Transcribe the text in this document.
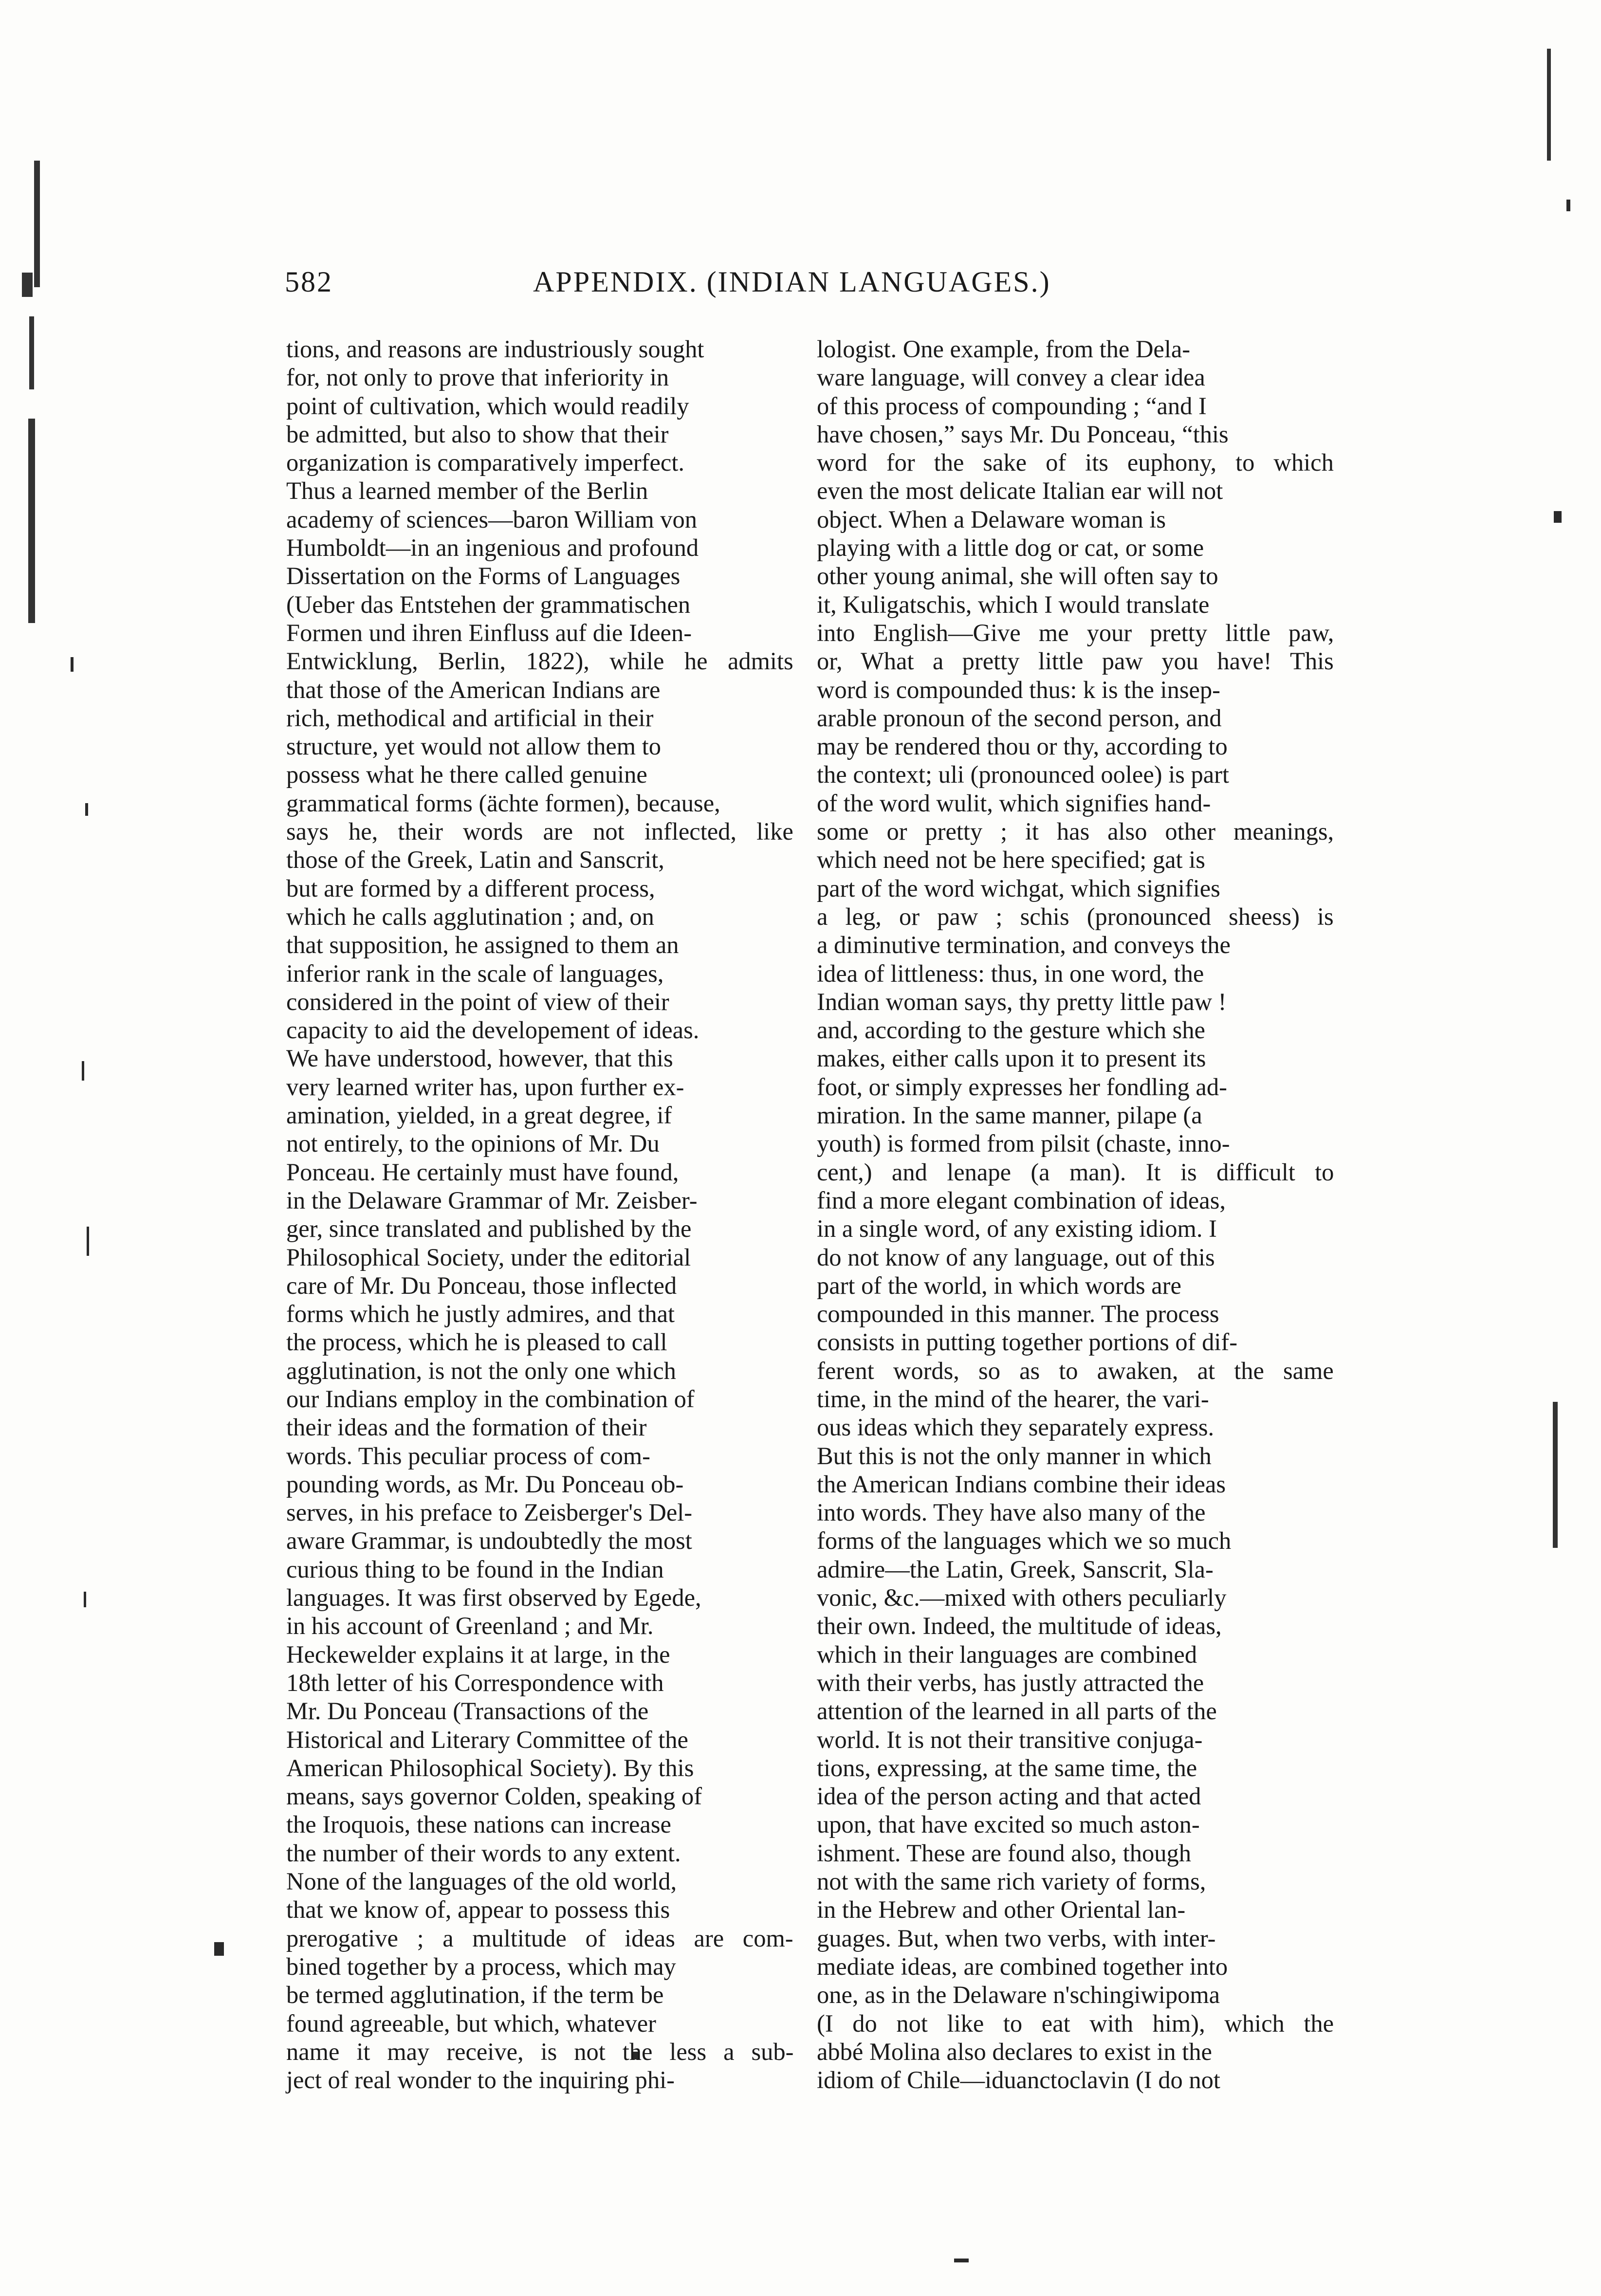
582	APPENDIX. (INDIAN LANGUAGES.)
tions, and reasons are industriously sought
for, not only to prove that inferiority in
point of cultivation, which would readily
be admitted, but also to show that their
organization is comparatively imperfect.
Thus a learned member of the Berlin
academy of sciences—baron William von
Humboldt—in an ingenious and profound
Dissertation on the Forms of Languages
(Ueber das Entstehen der grammatischen
Formen und ihren Einfluss auf die Ideen-
Entwicklung, Berlin, 1822), while he admits
that those of the American Indians are
rich, methodical and artificial in their
structure, yet would not allow them to
possess what he there called genuine
grammatical forms (ächte formen), because,
says he, their words are not inflected, like
those of the Greek, Latin and Sanscrit,
but are formed by a different process,
which he calls agglutination ; and, on
that supposition, he assigned to them an
inferior rank in the scale of languages,
considered in the point of view of their
capacity to aid the developement of ideas.
We have understood, however, that this
very learned writer has, upon further ex-
amination, yielded, in a great degree, if
not entirely, to the opinions of Mr. Du
Ponceau. He certainly must have found,
in the Delaware Grammar of Mr. Zeisber-
ger, since translated and published by the
Philosophical Society, under the editorial
care of Mr. Du Ponceau, those inflected
forms which he justly admires, and that
the process, which he is pleased to call
agglutination, is not the only one which
our Indians employ in the combination of
their ideas and the formation of their
words. This peculiar process of com-
pounding words, as Mr. Du Ponceau ob-
serves, in his preface to Zeisberger's Del-
aware Grammar, is undoubtedly the most
curious thing to be found in the Indian
languages. It was first observed by Egede,
in his account of Greenland ; and Mr.
Heckewelder explains it at large, in the
18th letter of his Correspondence with
Mr. Du Ponceau (Transactions of the
Historical and Literary Committee of the
American Philosophical Society). By this
means, says governor Colden, speaking of
the Iroquois, these nations can increase
the number of their words to any extent.
None of the languages of the old world,
that we know of, appear to possess this
prerogative ; a multitude of ideas are com-
bined together by a process, which may
be termed agglutination, if the term be
found agreeable, but which, whatever
name it may receive, is not the less a sub-
ject of real wonder to the inquiring phi-
lologist. One example, from the Dela-
ware language, will convey a clear idea
of this process of compounding ; “and I
have chosen,” says Mr. Du Ponceau, “this
word for the sake of its euphony, to which
even the most delicate Italian ear will not
object. When a Delaware woman is
playing with a little dog or cat, or some
other young animal, she will often say to
it, Kuligatschis, which I would translate
into English—Give me your pretty little paw,
or, What a pretty little paw you have! This
word is compounded thus: k is the insep-
arable pronoun of the second person, and
may be rendered thou or thy, according to
the context; uli (pronounced oolee) is part
of the word wulit, which signifies hand-
some or pretty ; it has also other meanings,
which need not be here specified; gat is
part of the word wichgat, which signifies
a leg, or paw ; schis (pronounced sheess) is
a diminutive termination, and conveys the
idea of littleness: thus, in one word, the
Indian woman says, thy pretty little paw !
and, according to the gesture which she
makes, either calls upon it to present its
foot, or simply expresses her fondling ad-
miration. In the same manner, pilape (a
youth) is formed from pilsit (chaste, inno-
cent,) and lenape (a man). It is difficult to
find a more elegant combination of ideas,
in a single word, of any existing idiom. I
do not know of any language, out of this
part of the world, in which words are
compounded in this manner. The process
consists in putting together portions of dif-
ferent words, so as to awaken, at the same
time, in the mind of the hearer, the vari-
ous ideas which they separately express.
But this is not the only manner in which
the American Indians combine their ideas
into words. They have also many of the
forms of the languages which we so much
admire—the Latin, Greek, Sanscrit, Sla-
vonic, &c.—mixed with others peculiarly
their own. Indeed, the multitude of ideas,
which in their languages are combined
with their verbs, has justly attracted the
attention of the learned in all parts of the
world. It is not their transitive conjuga-
tions, expressing, at the same time, the
idea of the person acting and that acted
upon, that have excited so much aston-
ishment. These are found also, though
not with the same rich variety of forms,
in the Hebrew and other Oriental lan-
guages. But, when two verbs, with inter-
mediate ideas, are combined together into
one, as in the Delaware n'schingiwipoma
(I do not like to eat with him), which the
abbé Molina also declares to exist in the
idiom of Chile—iduanctoclavin (I do not
